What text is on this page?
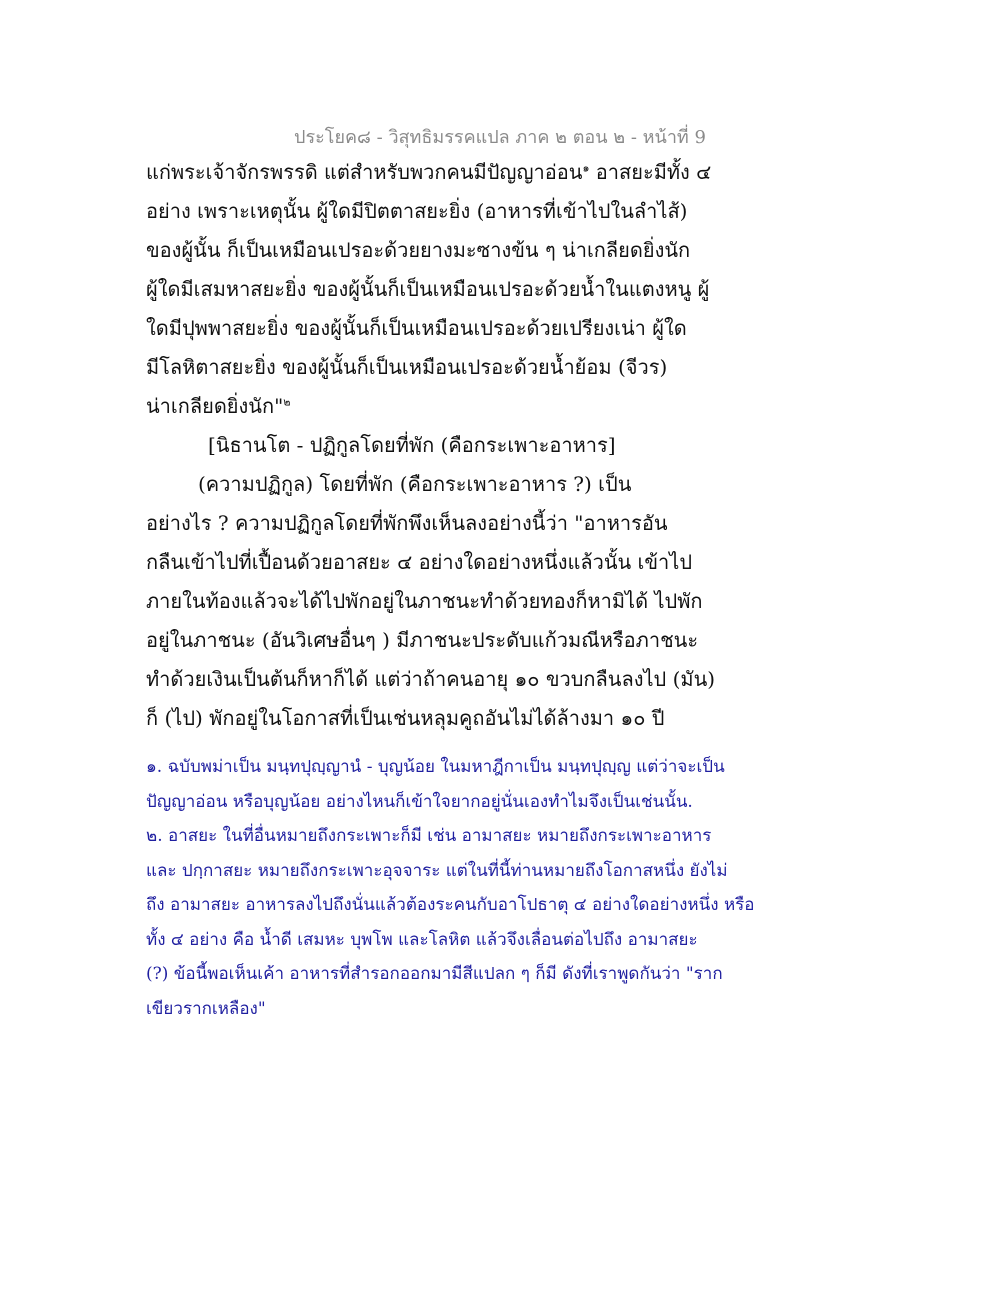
ประโยค๘ - วิสุทธิมรรคแปล ภาค ๒ ตอน ๒ - หน้าที่ 9
แก่พระเจ้าจักรพรรดิ แต่สำหรับพวกคนมีปัญญาอ่อน$^๑$ อาสยะมีทั้ง ๔
อย่าง เพราะเหตุนั้น ผู้ใดมีปิตตาสยะยิ่ง (อาหารที่เข้าไปในลำไส้)
ของผู้นั้น ก็เป็นเหมือนเปรอะด้วยยางมะซางข้น ๆ น่าเกลียดยิ่งนัก
ผู้ใดมีเสมหาสยะยิ่ง ของผู้นั้นก็เป็นเหมือนเปรอะด้วยน้ำในแตงหนู ผู้
ใดมีปุพพาสยะยิ่ง ของผู้นั้นก็เป็นเหมือนเปรอะด้วยเปรียงเน่า ผู้ใด
มีโลหิตาสยะยิ่ง ของผู้นั้นก็เป็นเหมือนเปรอะด้วยน้ำย้อม (จีวร)
น่าเกลียดยิ่งนัก"$^๒$
[นิธานโต - ปฏิกูลโดยที่พัก (คือกระเพาะอาหาร]
(ความปฏิกูล) โดยที่พัก (คือกระเพาะอาหาร ?) เป็น
อย่างไร ? ความปฏิกูลโดยที่พักพึงเห็นลงอย่างนี้ว่า "อาหารอัน
กลืนเข้าไปที่เปื้อนด้วยอาสยะ ๔ อย่างใดอย่างหนึ่งแล้วนั้น เข้าไป
ภายในท้องแล้วจะได้ไปพักอยู่ในภาชนะทำด้วยทองก็หามิได้ ไปพัก
อยู่ในภาชนะ (อันวิเศษอื่นๆ ) มีภาชนะประดับแก้วมณีหรือภาชนะ
ทำด้วยเงินเป็นต้นก็หาก็ได้ แต่ว่าถ้าคนอายุ ๑๐ ขวบกลืนลงไป (มัน)
ก็ (ไป) พักอยู่ในโอกาสที่เป็นเช่นหลุมคูถอันไม่ได้ล้างมา ๑๐ ปี
๑. ฉบับพม่าเป็น มนฺทปุญฺญานํ - บุญน้อย ในมหาฎีกาเป็น มนฺทปุญฺญ แต่ว่าจะเป็น
ปัญญาอ่อน หรือบุญน้อย อย่างไหนก็เข้าใจยากอยู่นั่นเองทำไมจึงเป็นเช่นนั้น.
๒. อาสยะ ในที่อื่นหมายถึงกระเพาะก็มี เช่น อามาสยะ หมายถึงกระเพาะอาหาร
และ ปกฺกาสยะ หมายถึงกระเพาะอุจจาระ แต่ในที่นี้ท่านหมายถึงโอกาสหนึ่ง ยังไม่
ถึง อามาสยะ อาหารลงไปถึงนั่นแล้วต้องระคนกับอาโปธาตุ ๔ อย่างใดอย่างหนึ่ง หรือ
ทั้ง ๔ อย่าง คือ น้ำดี เสมหะ บุพโพ และโลหิต แล้วจึงเลื่อนต่อไปถึง อามาสยะ
(?) ข้อนี้พอเห็นเค้า อาหารที่สำรอกออกมามีสีแปลก ๆ ก็มี ดังที่เราพูดกันว่า "ราก
เขียวรากเหลือง"
